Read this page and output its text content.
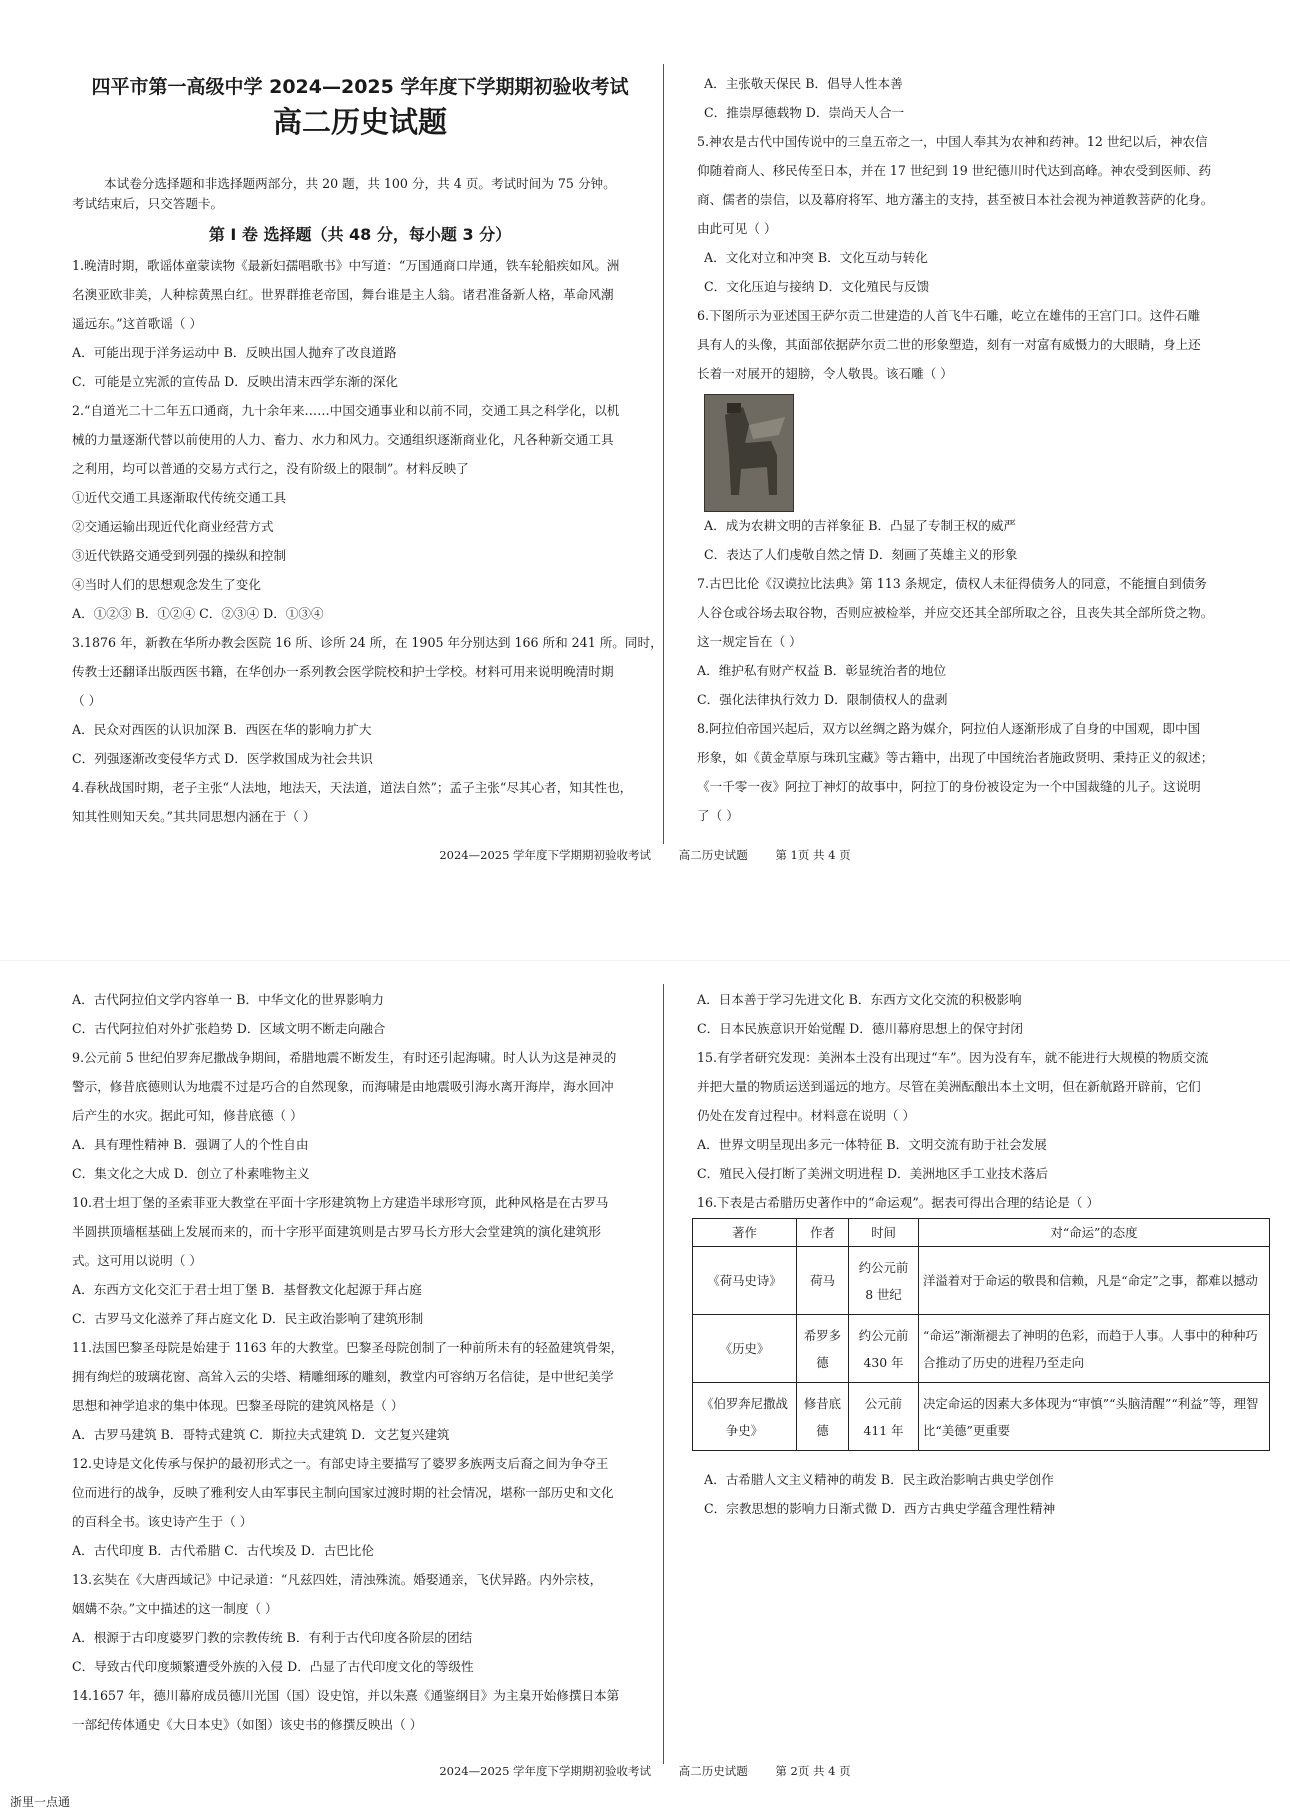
四平市第一高级中学 2024—2025 学年度下学期期初验收考试
高二历史试题
本试卷分选择题和非选择题两部分，共 20 题，共 100 分，共 4 页。考试时间为 75 分钟。
考试结束后，只交答题卡。
第 Ⅰ 卷 选择题（共 48 分，每小题 3 分）
1.晚清时期，歌谣体童蒙读物《最新妇孺唱歌书》中写道：“万国通商口岸通，铁车轮船疾如风。洲
名澳亚欧非美，人种棕黄黑白红。世界群推老帝国，舞台谁是主人翁。诸君准备新人格，革命风潮
遥远东。”这首歌谣（ ）
A．可能出现于洋务运动中 B．反映出国人抛弃了改良道路
C．可能是立宪派的宣传品 D．反映出清末西学东渐的深化
2.“自道光二十二年五口通商，九十余年来……中国交通事业和以前不同，交通工具之科学化，以机
械的力量逐渐代替以前使用的人力、畜力、水力和风力。交通组织逐渐商业化，凡各种新交通工具
之利用，均可以普通的交易方式行之，没有阶级上的限制”。材料反映了
①近代交通工具逐渐取代传统交通工具
②交通运输出现近代化商业经营方式
③近代铁路交通受到列强的操纵和控制
④当时人们的思想观念发生了变化
A．①②③ B．①②④ C．②③④ D．①③④
3.1876 年，新教在华所办教会医院 16 所、诊所 24 所，在 1905 年分别达到 166 所和 241 所。同时，
传教士还翻译出版西医书籍，在华创办一系列教会医学院校和护士学校。材料可用来说明晚清时期
（ ）
A．民众对西医的认识加深 B．西医在华的影响力扩大
C．列强逐渐改变侵华方式 D．医学救国成为社会共识
4.春秋战国时期，老子主张“人法地，地法天，天法道，道法自然”；孟子主张“尽其心者，知其性也，
知其性则知天矣。”其共同思想内涵在于（ ）
A．主张敬天保民 B．倡导人性本善
C．推崇厚德载物 D．崇尚天人合一
5.神农是古代中国传说中的三皇五帝之一，中国人奉其为农神和药神。12 世纪以后，神农信
仰随着商人、移民传至日本，并在 17 世纪到 19 世纪德川时代达到高峰。神农受到医师、药
商、儒者的崇信，以及幕府将军、地方藩主的支持，甚至被日本社会视为神道教菩萨的化身。
由此可见（ ）
A．文化对立和冲突 B．文化互动与转化
C．文化压迫与接纳 D．文化殖民与反馈
6.下图所示为亚述国王萨尔贡二世建造的人首飞牛石雕，屹立在雄伟的王宫门口。这件石雕
具有人的头像，其面部依据萨尔贡二世的形象塑造，刻有一对富有威慑力的大眼睛，身上还
长着一对展开的翅膀，令人敬畏。该石雕（ ）
A．成为农耕文明的吉祥象征 B．凸显了专制王权的威严
C．表达了人们虔敬自然之情 D．刻画了英雄主义的形象
7.古巴比伦《汉谟拉比法典》第 113 条规定，债权人未征得债务人的同意，不能擅自到债务
人谷仓或谷场去取谷物，否则应被检举，并应交还其全部所取之谷，且丧失其全部所贷之物。
这一规定旨在（ ）
A．维护私有财产权益 B．彰显统治者的地位
C．强化法律执行效力 D．限制债权人的盘剥
8.阿拉伯帝国兴起后，双方以丝绸之路为媒介，阿拉伯人逐渐形成了自身的中国观，即中国
形象，如《黄金草原与珠玑宝藏》等古籍中，出现了中国统治者施政贤明、秉持正义的叙述；
《一千零一夜》阿拉丁神灯的故事中，阿拉丁的身份被设定为一个中国裁缝的儿子。这说明
了（ ）
2024—2025 学年度下学期期初验收考试 高二历史试题 第 1页 共 4 页
A．古代阿拉伯文学内容单一 B．中华文化的世界影响力
C．古代阿拉伯对外扩张趋势 D．区域文明不断走向融合
9.公元前 5 世纪伯罗奔尼撒战争期间，希腊地震不断发生，有时还引起海啸。时人认为这是神灵的
警示，修昔底德则认为地震不过是巧合的自然现象，而海啸是由地震吸引海水离开海岸，海水回冲
后产生的水灾。据此可知，修昔底德（ ）
A．具有理性精神 B．强调了人的个性自由
C．集文化之大成 D．创立了朴素唯物主义
10.君士坦丁堡的圣索菲亚大教堂在平面十字形建筑物上方建造半球形穹顶，此种风格是在古罗马
半圆拱顶墙框基础上发展而来的，而十字形平面建筑则是古罗马长方形大会堂建筑的演化建筑形
式。这可用以说明（ ）
A．东西方文化交汇于君士坦丁堡 B．基督教文化起源于拜占庭
C．古罗马文化滋养了拜占庭文化 D．民主政治影响了建筑形制
11.法国巴黎圣母院是始建于 1163 年的大教堂。巴黎圣母院创制了一种前所未有的轻盈建筑骨架，
拥有绚烂的玻璃花窗、高耸入云的尖塔、精雕细琢的雕刻，教堂内可容纳万名信徒，是中世纪美学
思想和神学追求的集中体现。巴黎圣母院的建筑风格是（ ）
A．古罗马建筑 B．哥特式建筑 C．斯拉夫式建筑 D．文艺复兴建筑
12.史诗是文化传承与保护的最初形式之一。有部史诗主要描写了婆罗多族两支后裔之间为争夺王
位而进行的战争，反映了雅利安人由军事民主制向国家过渡时期的社会情况，堪称一部历史和文化
的百科全书。该史诗产生于（ ）
A．古代印度 B．古代希腊 C．古代埃及 D．古巴比伦
13.玄奘在《大唐西域记》中记录道：“凡兹四姓，清浊殊流。婚娶通亲，飞伏异路。内外宗枝，
姻媾不杂。”文中描述的这一制度（ ）
A．根源于古印度婆罗门教的宗教传统 B．有利于古代印度各阶层的团结
C．导致古代印度频繁遭受外族的入侵 D．凸显了古代印度文化的等级性
14.1657 年，德川幕府成员德川光国（国）设史馆，并以朱熹《通鉴纲目》为主臬开始修撰日本第
一部纪传体通史《大日本史》（如图）该史书的修撰反映出（ ）
A．日本善于学习先进文化 B．东西方文化交流的积极影响
C．日本民族意识开始觉醒 D．德川幕府思想上的保守封闭
15.有学者研究发现：美洲本土没有出现过“车”。因为没有车，就不能进行大规模的物质交流
并把大量的物质运送到遥远的地方。尽管在美洲酝酿出本土文明，但在新航路开辟前，它们
仍处在发育过程中。材料意在说明（ ）
A．世界文明呈现出多元一体特征 B．文明交流有助于社会发展
C．殖民入侵打断了美洲文明进程 D．美洲地区手工业技术落后
16.下表是古希腊历史著作中的“命运观”。据表可得出合理的结论是（ ）
著作	作者	时间	对“命运”的态度
《荷马史诗》	荷马	约公元前 8 世纪	洋溢着对于命运的敬畏和信赖，凡是“命定”之事，都难以撼动
《历史》	希罗多德	约公元前 430 年	“命运”渐渐褪去了神明的色彩，而趋于人事。人事中的种种巧合推动了历史的进程乃至走向
《伯罗奔尼撒战争史》	修昔底德	公元前 411 年	决定命运的因素大多体现为“审慎”“头脑清醒”“利益”等，理智比“美德”更重要
A．古希腊人文主义精神的萌发 B．民主政治影响古典史学创作
C．宗教思想的影响力日渐式微 D．西方古典史学蕴含理性精神
2024—2025 学年度下学期期初验收考试 高二历史试题 第 2页 共 4 页
浙里一点通
